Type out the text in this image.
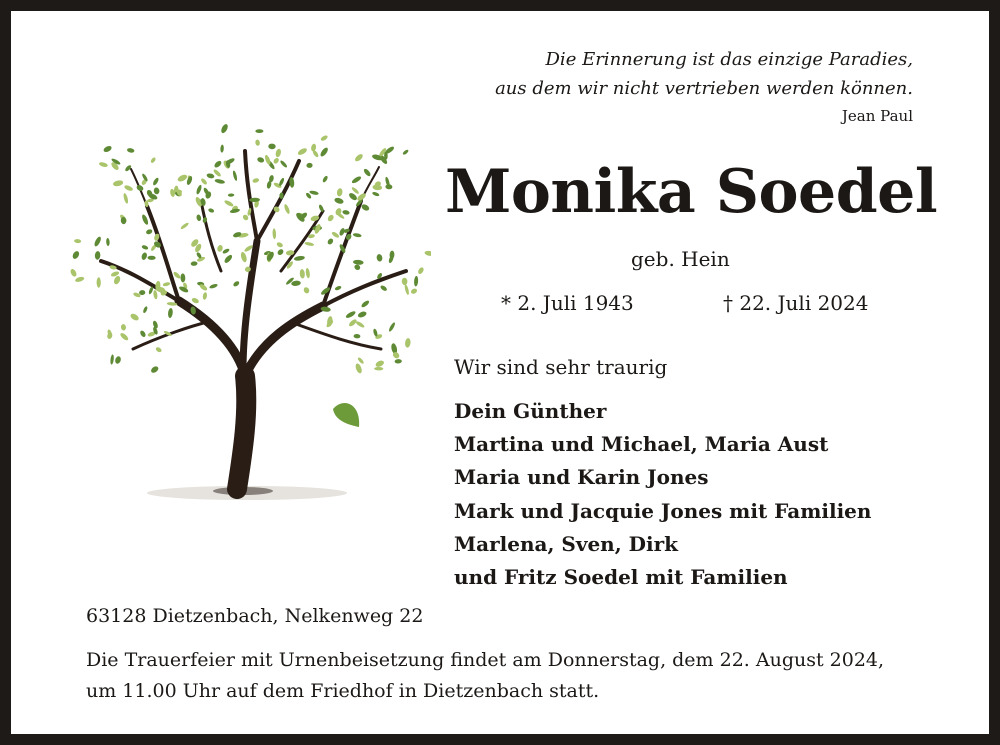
Die Erinnerung ist das einzige Paradies,
aus dem wir nicht vertrieben werden können.
Jean Paul
Monika Soedel
geb. Hein
* 2. Juli 1943	† 22. Juli 2024
Wir sind sehr traurig
Dein Günther
Martina und Michael, Maria Aust
Maria und Karin Jones
Mark und Jacquie Jones mit Familien
Marlena, Sven, Dirk
und Fritz Soedel mit Familien
63128 Dietzenbach, Nelkenweg 22
Die Trauerfeier mit Urnenbeisetzung findet am Donnerstag, dem 22. August 2024,
um 11.00 Uhr auf dem Friedhof in Dietzenbach statt.
